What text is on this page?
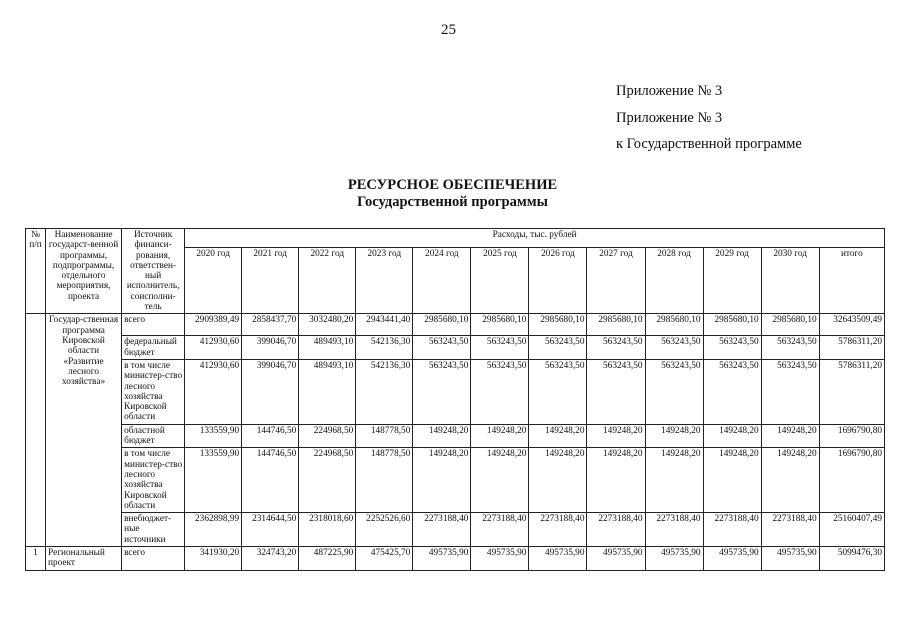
25
Приложение № 3
Приложение № 3
к Государственной программе
РЕСУРСНОЕ ОБЕСПЕЧЕНИЕ
Государственной программы
№ п/п	Наименование государст-венной программы, подпрограммы, отдельного мероприятия, проекта	Источник финанси-рования, ответствен-ный исполнитель, соисполни-тель	Расходы, тыс. рублей											
			2020 год	2021 год	2022 год	2023 год	2024 год	2025 год	2026 год	2027 год	2028 год	2029 год	2030 год	итого
	Государ-ственная программа Кировской области «Развитие лесного хозяйства»	всего	2909389,49	2858437,70	3032480,20	2943441,40	2985680,10	2985680,10	2985680,10	2985680,10	2985680,10	2985680,10	2985680,10	32643509,49
		федеральный бюджет	412930,60	399046,70	489493,10	542136,30	563243,50	563243,50	563243,50	563243,50	563243,50	563243,50	563243,50	5786311,20
		в том числе министер-ство лесного хозяйства Кировской области	412930,60	399046,70	489493,10	542136,30	563243,50	563243,50	563243,50	563243,50	563243,50	563243,50	563243,50	5786311,20
		областной бюджет	133559,90	144746,50	224968,50	148778,50	149248,20	149248,20	149248,20	149248,20	149248,20	149248,20	149248,20	1696790,80
		в том числе министер-ство лесного хозяйства Кировской области	133559,90	144746,50	224968,50	148778,50	149248,20	149248,20	149248,20	149248,20	149248,20	149248,20	149248,20	1696790,80
		внебюджет-ные источники	2362898,99	2314644,50	2318018,60	2252526,60	2273188,40	2273188,40	2273188,40	2273188,40	2273188,40	2273188,40	2273188,40	25160407,49
1	Региональный проект	всего	341930,20	324743,20	487225,90	475425,70	495735,90	495735,90	495735,90	495735,90	495735,90	495735,90	495735,90	5099476,30
